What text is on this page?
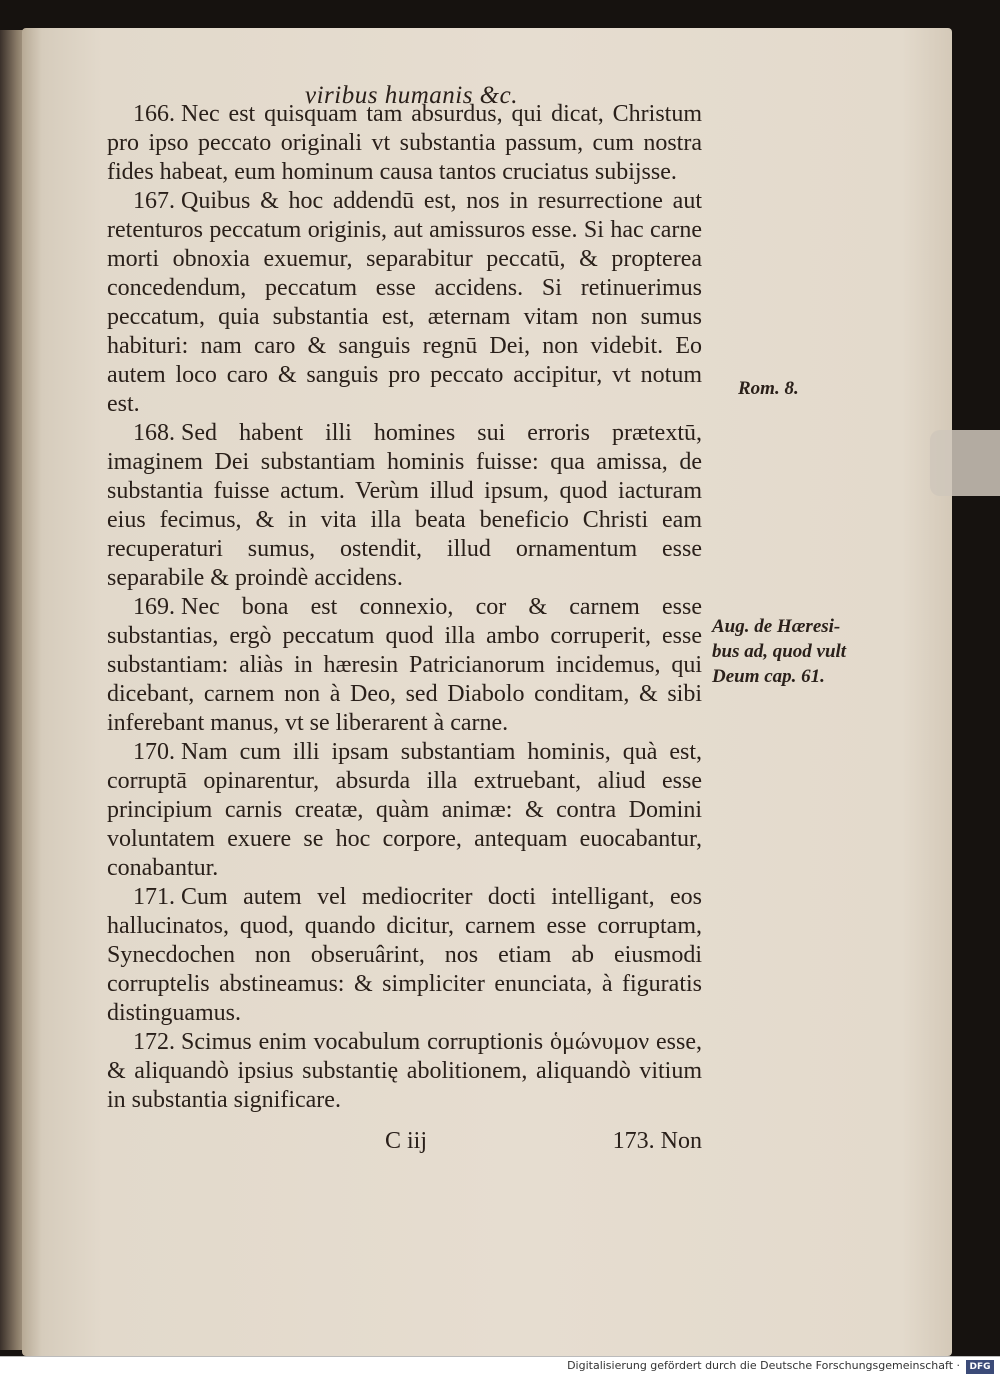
viribus humanis &c.

166. Nec est quisquam tam absurdus, qui dicat, Christum pro ipso peccato originali vt substantia passum, cum nostra fides habeat, eum hominum causa tantos cruciatus subijsse.

167. Quibus & hoc addendū est, nos in resurrectione aut retenturos peccatum originis, aut amissuros esse. Si hac carne morti obnoxia exuemur, separabitur peccatū, & propterea concedendum, peccatum esse accidens. Si retinuerimus peccatum, quia substantia est, æternam vitam non sumus habituri: nam caro & sanguis regnū Dei, non videbit. Eo autem loco caro & sanguis pro peccato accipitur, vt notum est.

168. Sed habent illi homines sui erroris prætextū, imaginem Dei substantiam hominis fuisse: qua amissa, de substantia fuisse actum. Verùm illud ipsum, quod iacturam eius fecimus, & in vita illa beata beneficio Christi eam recuperaturi sumus, ostendit, illud ornamentum esse separabile & proindè accidens.

169. Nec bona est connexio, cor & carnem esse substantias, ergò peccatum quod illa ambo corruperit, esse substantiam: aliàs in hæresin Patricianorum incidemus, qui dicebant, carnem non à Deo, sed Diabolo conditam, & sibi inferebant manus, vt se liberarent à carne.

170. Nam cum illi ipsam substantiam hominis, quà est, corruptā opinarentur, absurda illa extruebant, aliud esse principium carnis creatæ, quàm animæ: & contra Domini voluntatem exuere se hoc corpore, antequam euocabantur, conabantur.

171. Cum autem vel mediocriter docti intelligant, eos hallucinatos, quod, quando dicitur, carnem esse corruptam, Synecdochen non obseruârint, nos etiam ab eiusmodi corruptelis abstineamus: & simpliciter enunciata, à figuratis distinguamus.

172. Scimus enim vocabulum corruptionis ὁμώνυμον esse, & aliquandò ipsius substantię abolitionem, aliquandò vitium in substantia significare.

Rom. 8.
Aug. de Hæresi-
bus ad, quod vult
Deum cap. 61.
C iij	173. Non
Digitalisierung gefördert durch die Deutsche Forschungsgemeinschaft ·	DFG
